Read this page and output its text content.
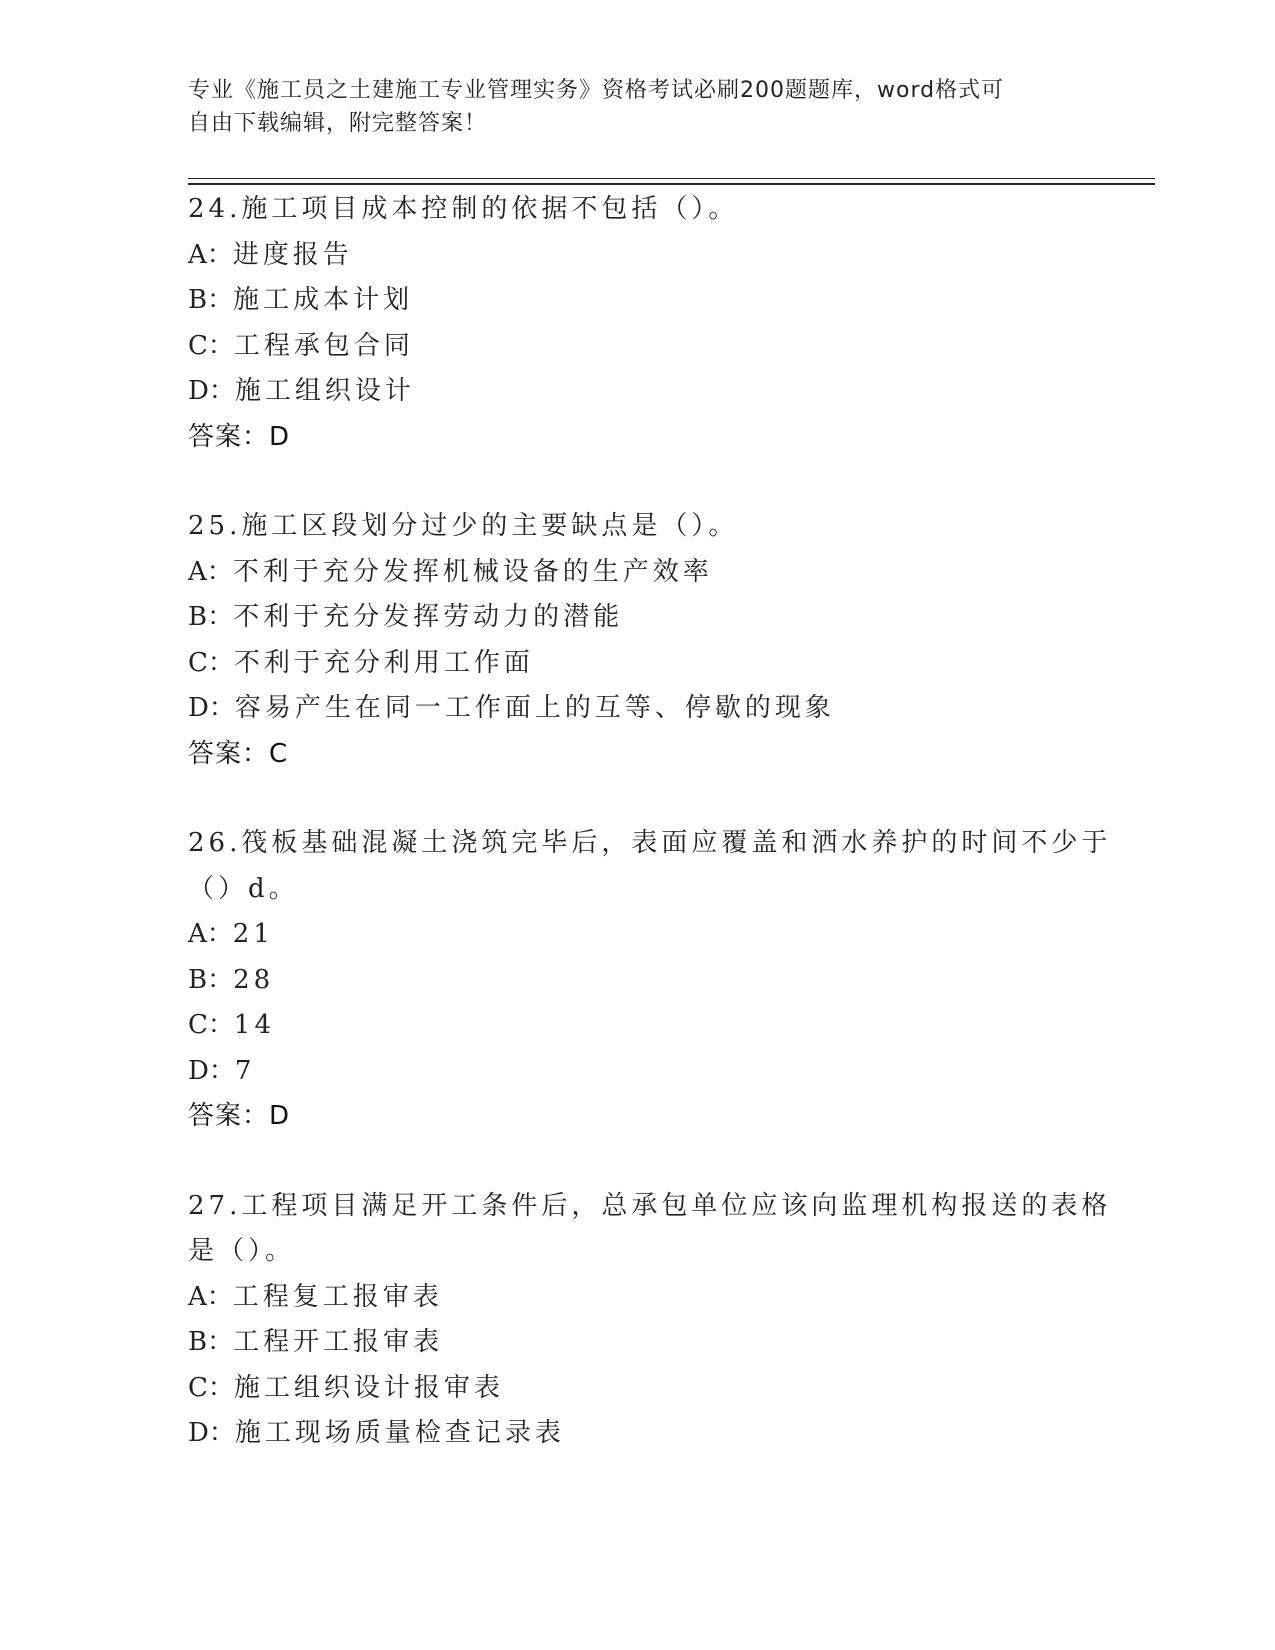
专业《施工员之土建施工专业管理实务》资格考试必刷200题题库，word格式可
自由下载编辑，附完整答案！
24.施工项目成本控制的依据不包括（）。
A：进度报告
B：施工成本计划
C：工程承包合同
D：施工组织设计
答案：D
25.施工区段划分过少的主要缺点是（）。
A：不利于充分发挥机械设备的生产效率
B：不利于充分发挥劳动力的潜能
C：不利于充分利用工作面
D：容易产生在同一工作面上的互等、停歇的现象
答案：C
26.筏板基础混凝土浇筑完毕后，表面应覆盖和洒水养护的时间不少于
（）d。
A：21
B：28
C：14
D：7
答案：D
27.工程项目满足开工条件后，总承包单位应该向监理机构报送的表格
是（）。
A：工程复工报审表
B：工程开工报审表
C：施工组织设计报审表
D：施工现场质量检查记录表
